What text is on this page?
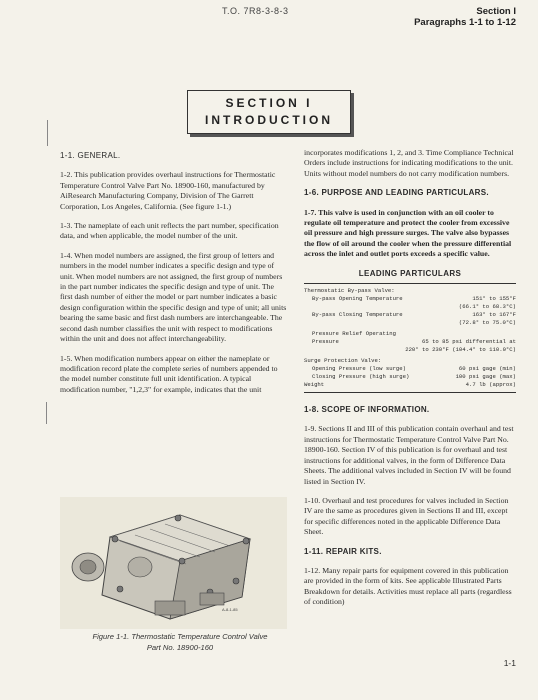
T.O. 7R8-3-8-3	Section I
Paragraphs 1-1 to 1-12
SECTION I
INTRODUCTION

1-1. GENERAL.

1-2. This publication provides overhaul instructions for Thermostatic Temperature Control Valve Part No. 18900-160, manufactured by AiResearch Manufacturing Company, Division of The Garrett Corporation, Los Angeles, California. (See figure 1-1.)

1-3. The nameplate of each unit reflects the part number, specification data, and when applicable, the model number of the unit.

1-4. When model numbers are assigned, the first group of letters and numbers in the model number indicates a specific design and type of unit. When model numbers are not assigned, the first group of numbers in the part number indicates the specific design and type of unit. The first dash number of either the model or part number indicates a basic design configuration within the specific design and type of unit; all units bearing the same basic and first dash numbers are interchangeable. The second dash number classifies the unit with respect to modifications within the unit and does not affect interchangeability.

1-5. When modification numbers appear on either the nameplate or modification record plate the complete series of numbers appended to the model number constitute full unit identification. A typical modification number, "1,2,3" for example, indicates that the unit

A-8-1-85
Figure 1-1. Thermostatic Temperature Control Valve
Part No. 18900-160

incorporates modifications 1, 2, and 3. Time Compliance Technical Orders include instructions for indicating modifications to the unit. Units without model numbers do not carry modification numbers.

1-6. PURPOSE AND LEADING PARTICULARS.

1-7. This valve is used in conjunction with an oil cooler to regulate oil temperature and protect the cooler from excessive oil pressure and high pressure surges. The valve also bypasses the flow of oil around the cooler when the pressure differential across the inlet and outlet ports exceeds a specific value.

LEADING PARTICULARS
Thermostatic By-pass Valve:
By-pass Opening Temperature	151° to 155°F
(66.1° to 68.3°C)
By-pass Closing Temperature	163° to 167°F
(72.8° to 75.0°C)
Pressure Relief Operating
Pressure	65 to 85 psi differential at
220° to 230°F (104.4° to 110.0°C)
Surge Protection Valve:
Opening Pressure (low surge)	60 psi gage (min)
Closing Pressure (high surge)	100 psi gage (max)
Weight	4.7 lb (approx)

1-8. SCOPE OF INFORMATION.

1-9. Sections II and III of this publication contain overhaul and test instructions for Thermostatic Temperature Control Valve Part No. 18900-160. Section IV of this publication is for overhaul and test instructions for additional valves, in the form of Difference Data Sheets. The additional valves included in Section IV will be found listed in Section IV.

1-10. Overhaul and test procedures for valves included in Section IV are the same as procedures given in Sections II and III, except for specific differences noted in the applicable Difference Data Sheet.

1-11. REPAIR KITS.

1-12. Many repair parts for equipment covered in this publication are provided in the form of kits. See applicable Illustrated Parts Breakdown for details. Activities must replace all parts (regardless of condition)

1-1
